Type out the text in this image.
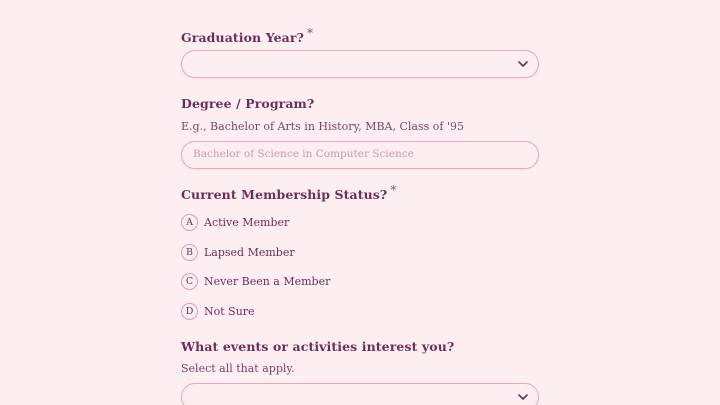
Graduation Year? *
Degree / Program?
E.g., Bachelor of Arts in History, MBA, Class of '95
Bachelor of Science in Computer Science
Current Membership Status? *
A	Active Member
B	Lapsed Member
C Never Been a Member
D Not Sure
What events or activities interest you?
Select all that apply.
